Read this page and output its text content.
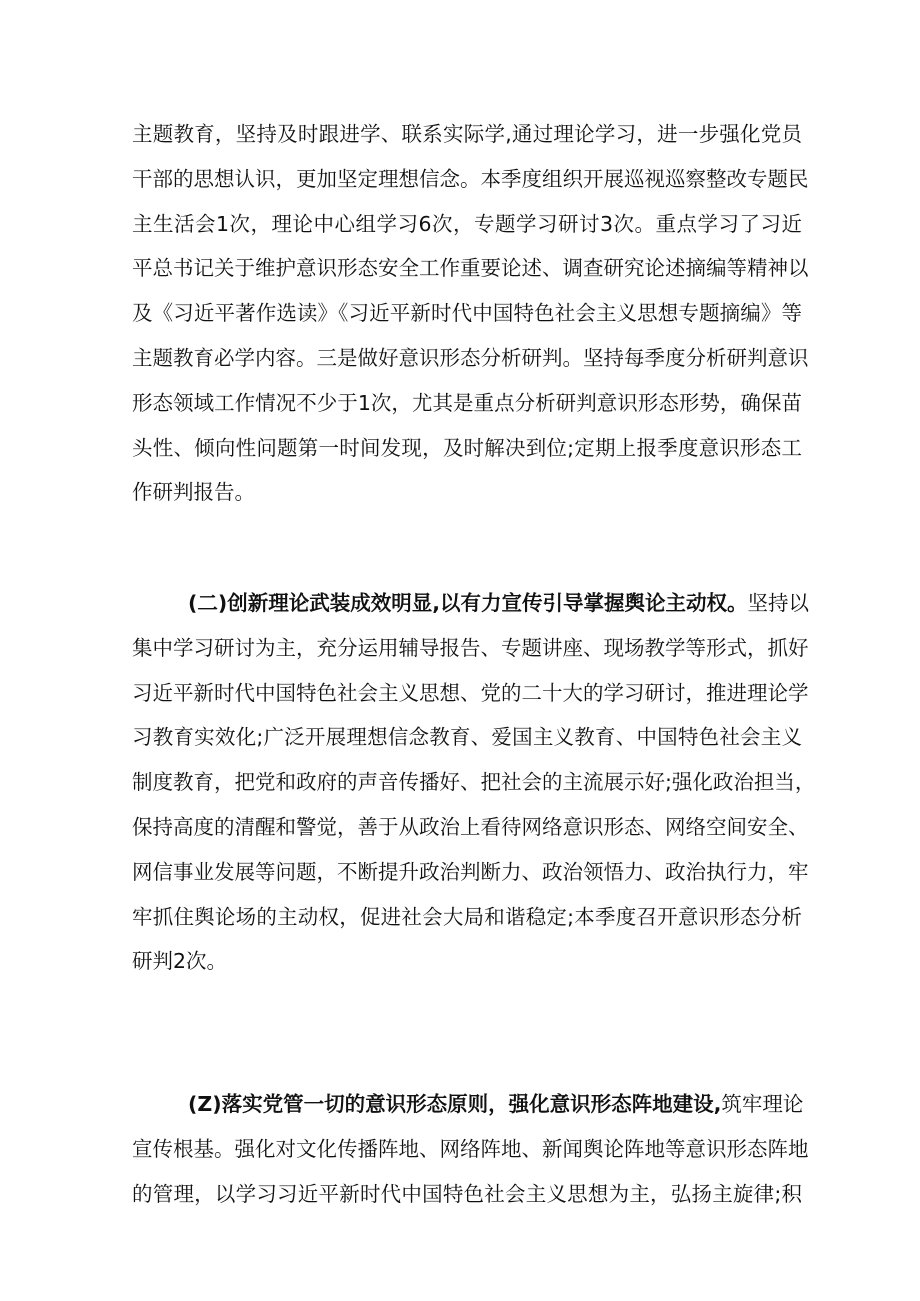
主题教育，坚持及时跟进学、联系实际学,通过理论学习，进一步强化党员
干部的思想认识，更加坚定理想信念。本季度组织开展巡视巡察整改专题民
主生活会1次，理论中心组学习6次，专题学习研讨3次。重点学习了习近
平总书记关于维护意识形态安全工作重要论述、调查研究论述摘编等精神以
及《习近平著作选读》《习近平新时代中国特色社会主义思想专题摘编》等
主题教育必学内容。三是做好意识形态分析研判。坚持每季度分析研判意识
形态领域工作情况不少于1次，尤其是重点分析研判意识形态形势，确保苗
头性、倾向性问题第一时间发现，及时解决到位;定期上报季度意识形态工
作研判报告。
(二)创新理论武装成效明显,以有力宣传引导掌握舆论主动权。坚持以
集中学习研讨为主，充分运用辅导报告、专题讲座、现场教学等形式，抓好
习近平新时代中国特色社会主义思想、党的二十大的学习研讨，推进理论学
习教育实效化;广泛开展理想信念教育、爱国主义教育、中国特色社会主义
制度教育，把党和政府的声音传播好、把社会的主流展示好;强化政治担当，
保持高度的清醒和警觉，善于从政治上看待网络意识形态、网络空间安全、
网信事业发展等问题，不断提升政治判断力、政治领悟力、政治执行力，牢
牢抓住舆论场的主动权，促进社会大局和谐稳定;本季度召开意识形态分析
研判2次。
(Z)落实党管一切的意识形态原则，强化意识形态阵地建设,筑牢理论
宣传根基。强化对文化传播阵地、网络阵地、新闻舆论阵地等意识形态阵地
的管理，以学习习近平新时代中国特色社会主义思想为主，弘扬主旋律;积
